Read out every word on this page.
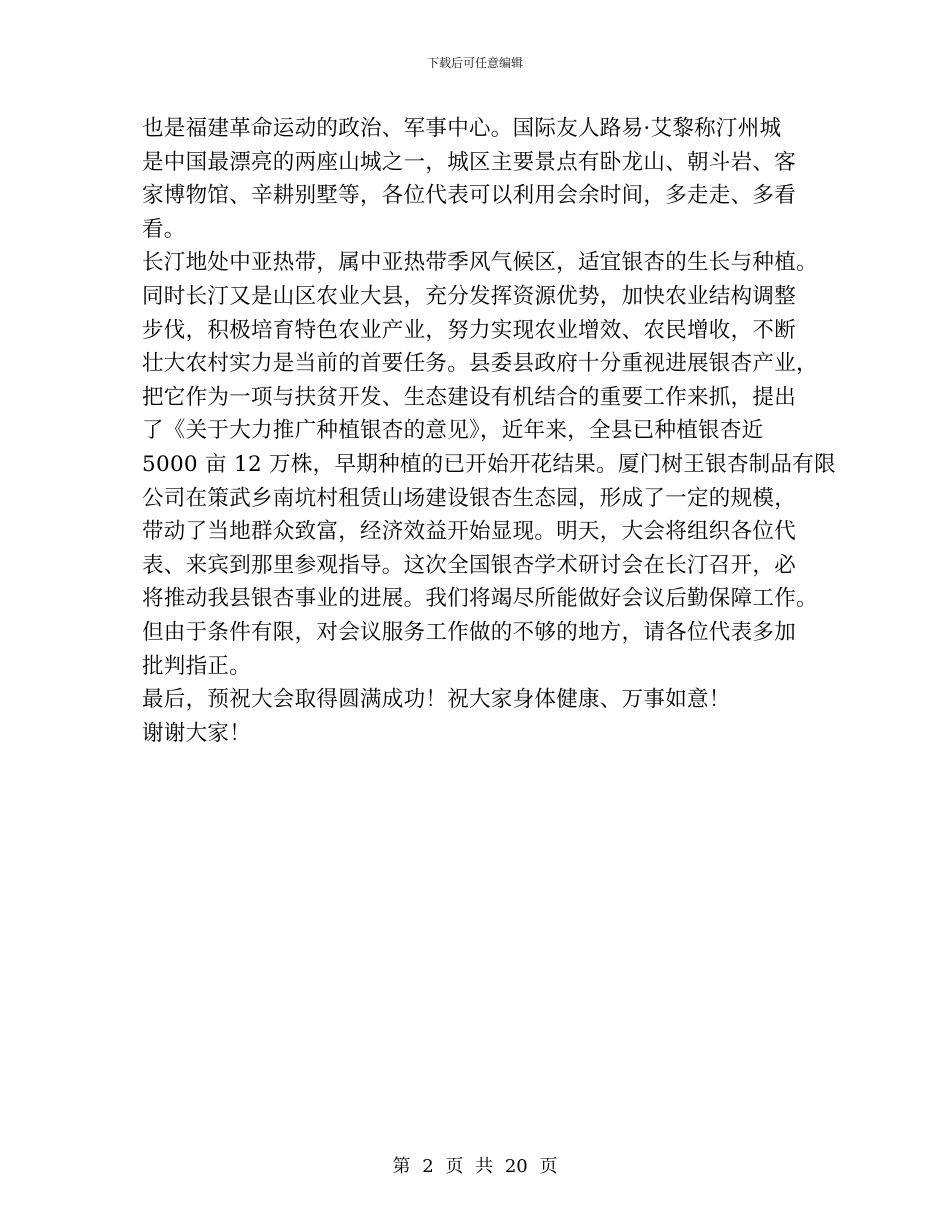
下载后可任意编辑
也是福建革命运动的政治、军事中心。国际友人路易·艾黎称汀州城
是中国最漂亮的两座山城之一，城区主要景点有卧龙山、朝斗岩、客
家博物馆、辛耕别墅等，各位代表可以利用会余时间，多走走、多看
看。
长汀地处中亚热带，属中亚热带季风气候区，适宜银杏的生长与种植。
同时长汀又是山区农业大县，充分发挥资源优势，加快农业结构调整
步伐，积极培育特色农业产业，努力实现农业增效、农民增收，不断
壮大农村实力是当前的首要任务。县委县政府十分重视进展银杏产业，
把它作为一项与扶贫开发、生态建设有机结合的重要工作来抓，提出
了《关于大力推广种植银杏的意见》，近年来，全县已种植银杏近
5000 亩 12 万株，早期种植的已开始开花结果。厦门树王银杏制品有限
公司在策武乡南坑村租赁山场建设银杏生态园，形成了一定的规模，
带动了当地群众致富，经济效益开始显现。明天，大会将组织各位代
表、来宾到那里参观指导。这次全国银杏学术研讨会在长汀召开，必
将推动我县银杏事业的进展。我们将竭尽所能做好会议后勤保障工作。
但由于条件有限，对会议服务工作做的不够的地方，请各位代表多加
批判指正。
最后，预祝大会取得圆满成功！祝大家身体健康、万事如意！
谢谢大家！
第 2 页 共 20 页
